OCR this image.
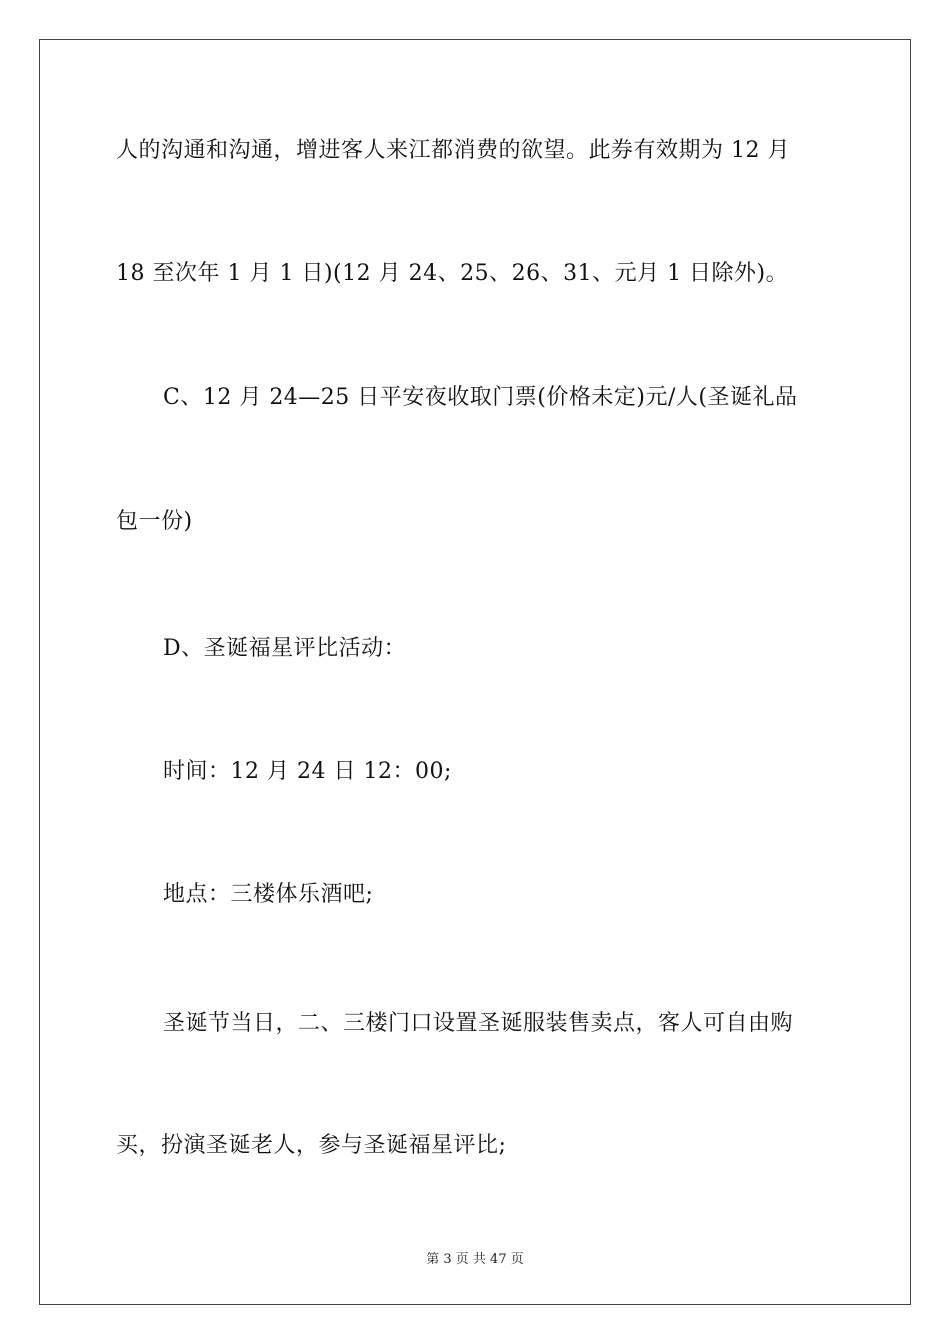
人的沟通和沟通，增进客人来江都消费的欲望。此券有效期为 12 月
18 至次年 1 月 1 日)(12 月 24、25、26、31、元月 1 日除外)。
C、12 月 24—25 日平安夜收取门票(价格未定)元/人(圣诞礼品
包一份)
D、圣诞福星评比活动：
时间：12 月 24 日 12：00;
地点：三楼体乐酒吧;
圣诞节当日，二、三楼门口设置圣诞服装售卖点，客人可自由购
买，扮演圣诞老人，参与圣诞福星评比;
第 3 页 共 47 页
